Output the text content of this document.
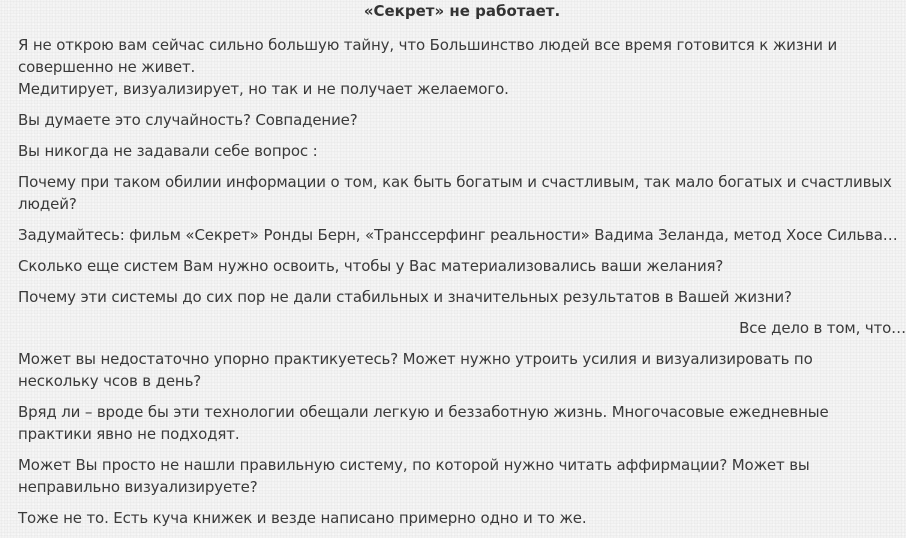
«Секрет» не работает.

Я не открою вам сейчас сильно большую тайну, что Большинство людей все время готовится к жизни и совершенно не живет.

Медитирует, визуализирует, но так и не получает желаемого.

Вы думаете это случайность? Совпадение?

Вы никогда не задавали себе вопрос :

Почему при таком обилии информации о том, как быть богатым и счастливым, так мало богатых и счастливых людей?

Задумайтесь: фильм «Секрет» Ронды Берн, «Транссерфинг реальности» Вадима Зеланда, метод Хосе Сильва…

Сколько еще систем Вам нужно освоить, чтобы у Вас материализовались ваши желания?

Почему эти системы до сих пор не дали стабильных и значительных результатов в Вашей жизни?

Все дело в том, что…

Может вы недостаточно упорно практикуетесь? Может нужно утроить усилия и визуализировать по нескольку чсов в день?

Вряд ли – вроде бы эти технологии обещали легкую и беззаботную жизнь. Многочасовые ежедневные практики явно не подходят.

Может Вы просто не нашли правильную систему, по которой нужно читать аффирмации? Может вы неправильно визуализируете?

Тоже не то. Есть куча книжек и везде написано примерно одно и то же.
